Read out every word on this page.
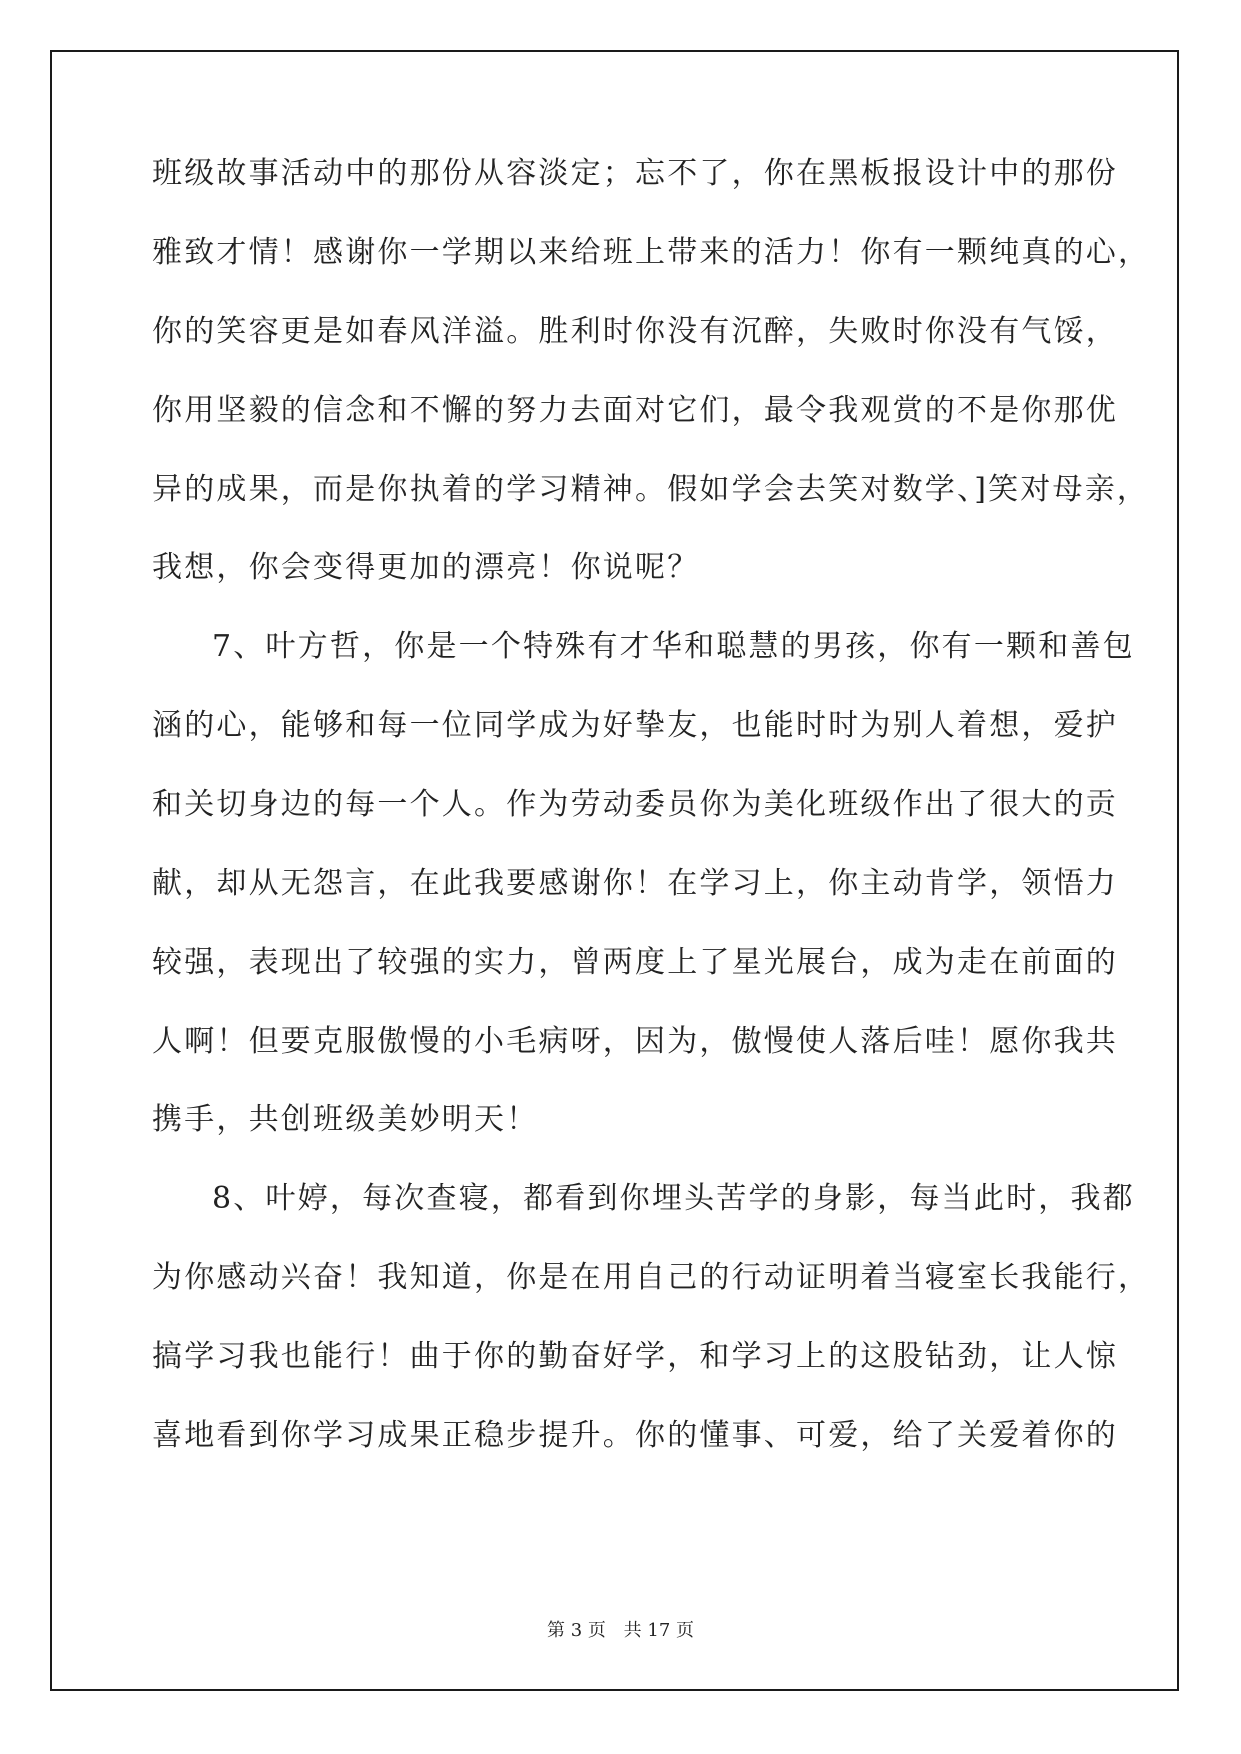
班级故事活动中的那份从容淡定；忘不了，你在黑板报设计中的那份
雅致才情！感谢你一学期以来给班上带来的活力！你有一颗纯真的心，
你的笑容更是如春风洋溢。胜利时你没有沉醉，失败时你没有气馁，
你用坚毅的信念和不懈的努力去面对它们，最令我观赏的不是你那优
异的成果，而是你执着的学习精神。假如学会去笑对数学、]笑对母亲，
我想，你会变得更加的漂亮！你说呢？
7、叶方哲，你是一个特殊有才华和聪慧的男孩，你有一颗和善包
涵的心，能够和每一位同学成为好挚友，也能时时为别人着想，爱护
和关切身边的每一个人。作为劳动委员你为美化班级作出了很大的贡
献，却从无怨言，在此我要感谢你！在学习上，你主动肯学，领悟力
较强，表现出了较强的实力，曾两度上了星光展台，成为走在前面的
人啊！但要克服傲慢的小毛病呀，因为，傲慢使人落后哇！愿你我共
携手，共创班级美妙明天！
8、叶婷，每次查寝，都看到你埋头苦学的身影，每当此时，我都
为你感动兴奋！我知道，你是在用自己的行动证明着当寝室长我能行，
搞学习我也能行！曲于你的勤奋好学，和学习上的这股钻劲，让人惊
喜地看到你学习成果正稳步提升。你的懂事、可爱，给了关爱着你的
第 3 页 共 17 页
